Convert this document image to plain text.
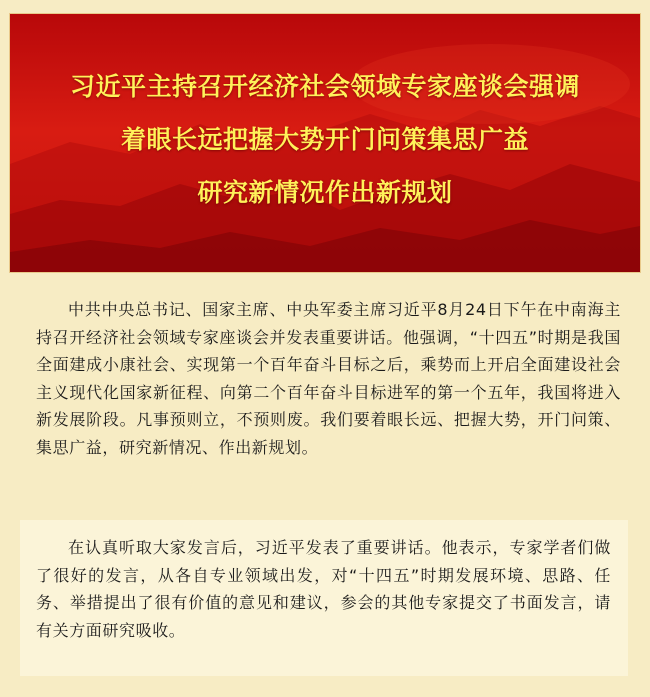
习近平主持召开经济社会领域专家座谈会强调
着眼长远把握大势开门问策集思广益
研究新情况作出新规划

中共中央总书记、国家主席、中央军委主席习近平8月24日下午在中南海主持召开经济社会领域专家座谈会并发表重要讲话。他强调，“十四五”时期是我国全面建成小康社会、实现第一个百年奋斗目标之后，乘势而上开启全面建设社会主义现代化国家新征程、向第二个百年奋斗目标进军的第一个五年，我国将进入新发展阶段。凡事预则立，不预则废。我们要着眼长远、把握大势，开门问策、集思广益，研究新情况、作出新规划。

在认真听取大家发言后，习近平发表了重要讲话。他表示，专家学者们做了很好的发言，从各自专业领域出发，对“十四五”时期发展环境、思路、任务、举措提出了很有价值的意见和建议，参会的其他专家提交了书面发言，请有关方面研究吸收。
